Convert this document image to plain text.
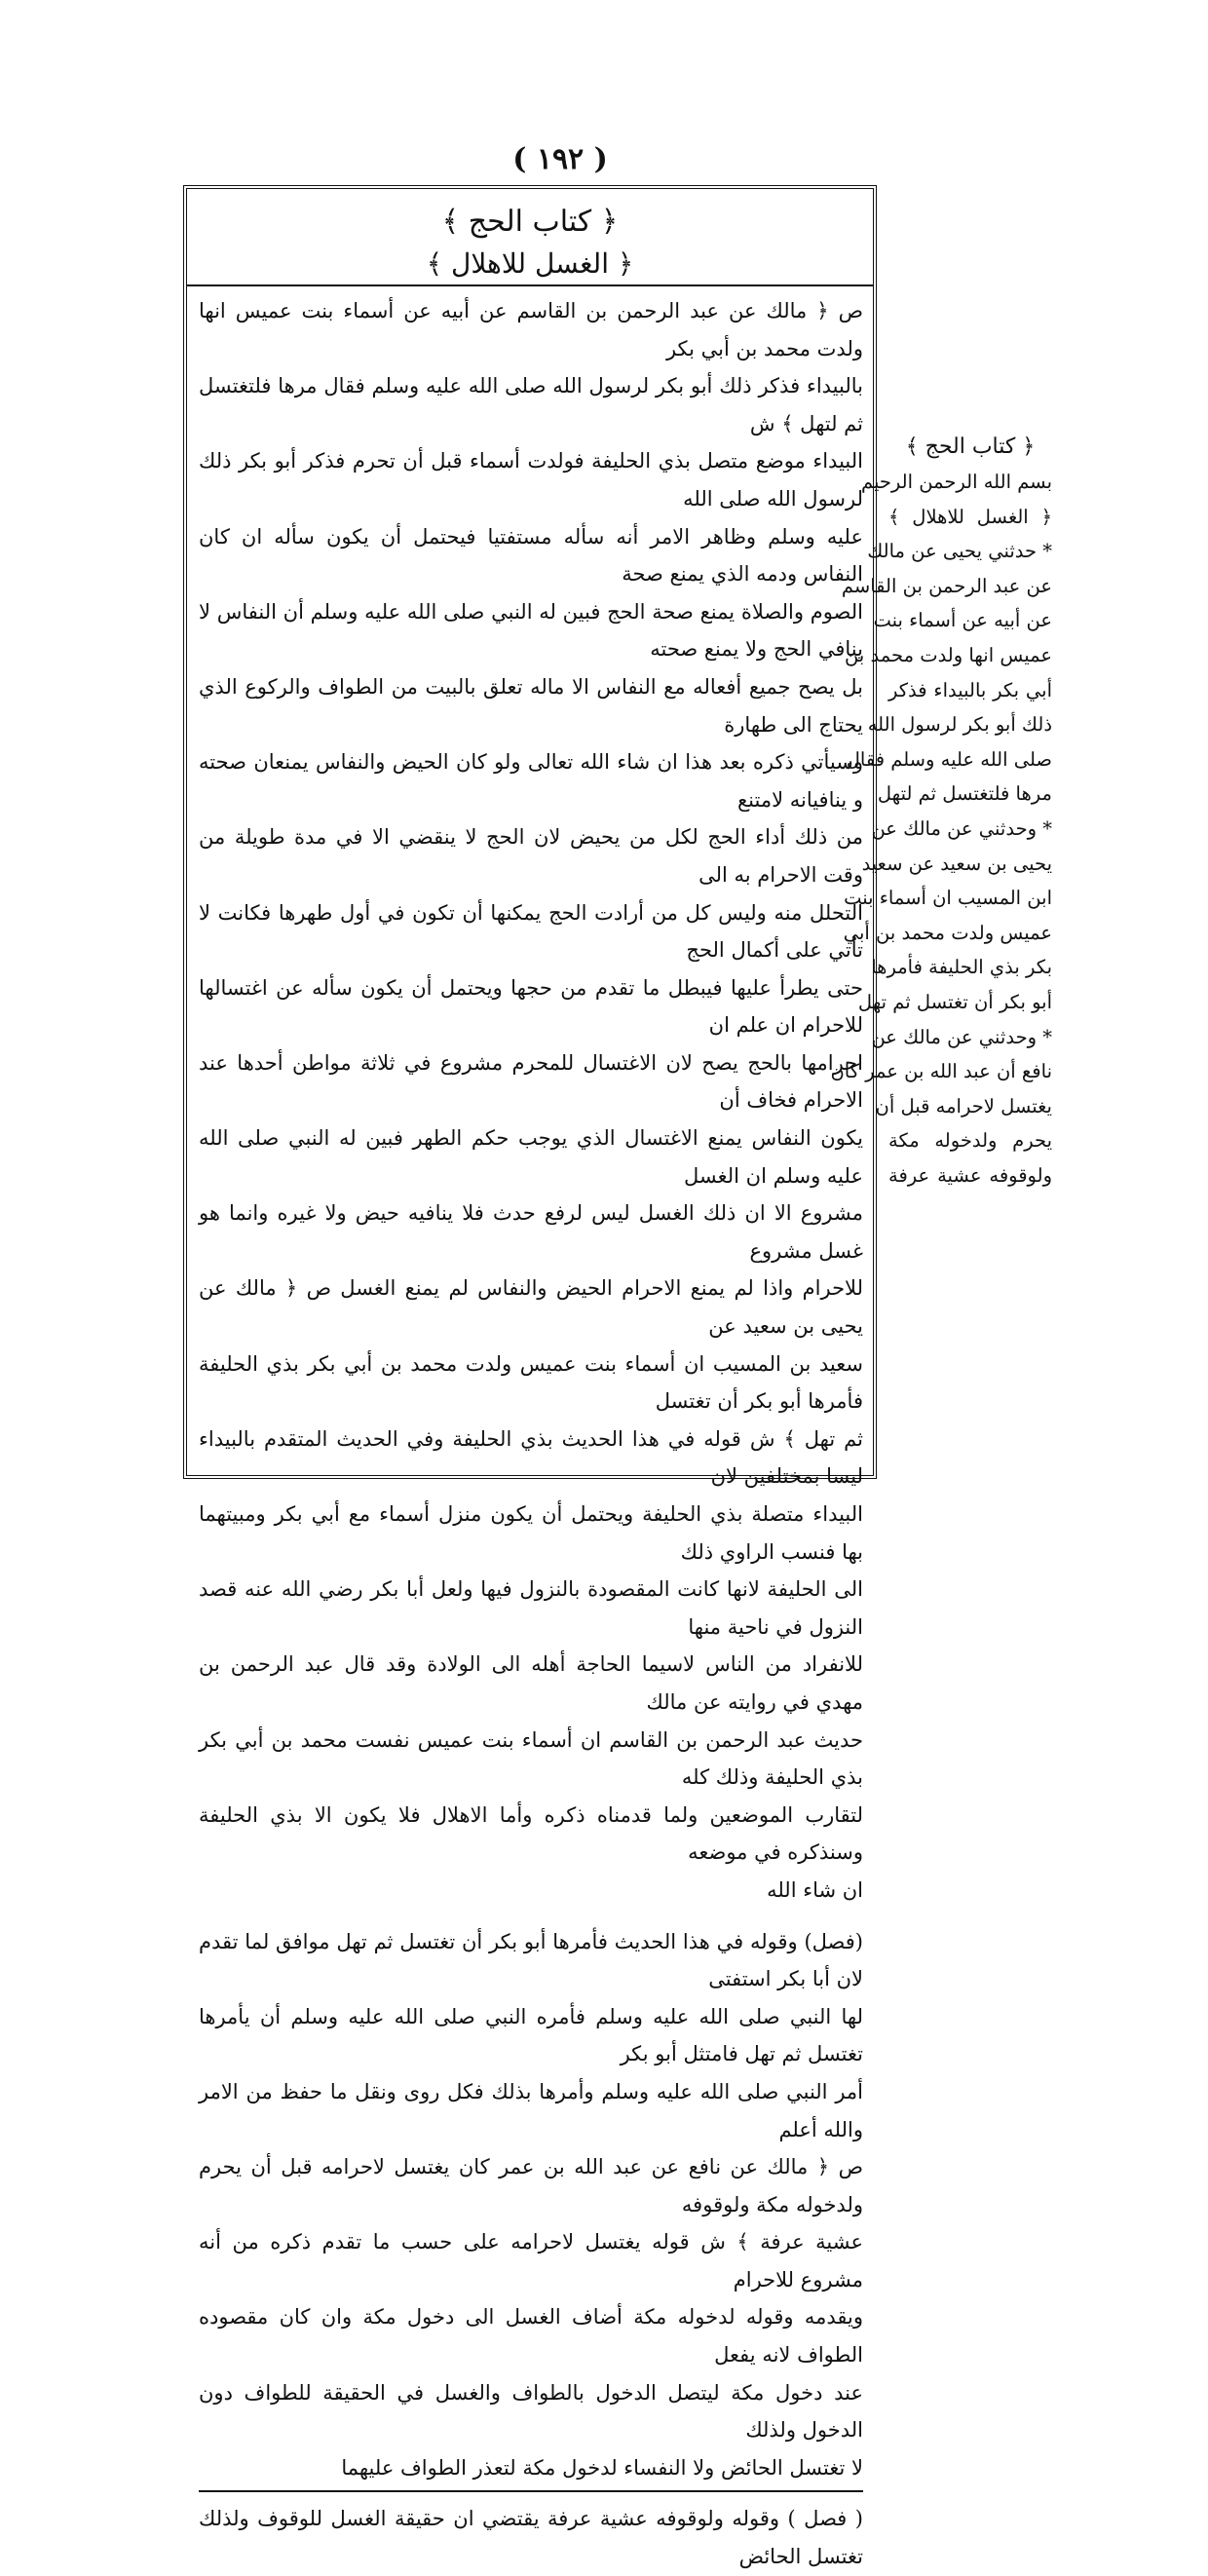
( ١٩٢ )
﴿ كتاب الحج ﴾
﴿ الغسل للاهلال ﴾

ص ﴿ مالك عن عبد الرحمن بن القاسم عن أبيه عن أسماء بنت عميس انها ولدت محمد بن أبي بكر

بالبيداء فذكر ذلك أبو بكر لرسول الله صلى الله عليه وسلم فقال مرها فلتغتسل ثم لتهل ﴾ ش

البيداء موضع متصل بذي الحليفة فولدت أسماء قبل أن تحرم فذكر أبو بكر ذلك لرسول الله صلى الله

عليه وسلم وظاهر الامر أنه سأله مستفتيا فيحتمل أن يكون سأله ان كان النفاس ودمه الذي يمنع صحة

الصوم والصلاة يمنع صحة الحج فبين له النبي صلى الله عليه وسلم أن النفاس لا ينافي الحج ولا يمنع صحته

بل يصح جميع أفعاله مع النفاس الا ماله تعلق بالبيت من الطواف والركوع الذي يحتاج الى طهارة

وسيأتي ذكره بعد هذا ان شاء الله تعالى ولو كان الحيض والنفاس يمنعان صحته و ينافيانه لامتنع

من ذلك أداء الحج لكل من يحيض لان الحج لا ينقضي الا في مدة طويلة من وقت الاحرام به الى

التحلل منه وليس كل من أرادت الحج يمكنها أن تكون في أول طهرها فكانت لا تأتي على أكمال الحج

حتى يطرأ عليها فيبطل ما تقدم من حجها ويحتمل أن يكون سأله عن اغتسالها للاحرام ان علم ان

احرامها بالحج يصح لان الاغتسال للمحرم مشروع في ثلاثة مواطن أحدها عند الاحرام فخاف أن

يكون النفاس يمنع الاغتسال الذي يوجب حكم الطهر فبين له النبي صلى الله عليه وسلم ان الغسل

مشروع الا ان ذلك الغسل ليس لرفع حدث فلا ينافيه حيض ولا غيره وانما هو غسل مشروع

للاحرام واذا لم يمنع الاحرام الحيض والنفاس لم يمنع الغسل ص ﴿ مالك عن يحيى بن سعيد عن

سعيد بن المسيب ان أسماء بنت عميس ولدت محمد بن أبي بكر بذي الحليفة فأمرها أبو بكر أن تغتسل

ثم تهل ﴾ ش قوله في هذا الحديث بذي الحليفة وفي الحديث المتقدم بالبيداء ليسا بمختلفين لان

البيداء متصلة بذي الحليفة ويحتمل أن يكون منزل أسماء مع أبي بكر ومبيتهما بها فنسب الراوي ذلك

الى الحليفة لانها كانت المقصودة بالنزول فيها ولعل أبا بكر رضي الله عنه قصد النزول في ناحية منها

للانفراد من الناس لاسيما الحاجة أهله الى الولادة وقد قال عبد الرحمن بن مهدي في روايته عن مالك

حديث عبد الرحمن بن القاسم ان أسماء بنت عميس نفست محمد بن أبي بكر بذي الحليفة وذلك كله

لتقارب الموضعين ولما قدمناه ذكره وأما الاهلال فلا يكون الا بذي الحليفة وسنذكره في موضعه

ان شاء الله

(فصل) وقوله في هذا الحديث فأمرها أبو بكر أن تغتسل ثم تهل موافق لما تقدم لان أبا بكر استفتى

لها النبي صلى الله عليه وسلم فأمره النبي صلى الله عليه وسلم أن يأمرها تغتسل ثم تهل فامتثل أبو بكر

أمر النبي صلى الله عليه وسلم وأمرها بذلك فكل روى ونقل ما حفظ من الامر والله أعلم

ص ﴿ مالك عن نافع عن عبد الله بن عمر كان يغتسل لاحرامه قبل أن يحرم ولدخوله مكة ولوقوفه

عشية عرفة ﴾ ش قوله يغتسل لاحرامه على حسب ما تقدم ذكره من أنه مشروع للاحرام

ويقدمه وقوله لدخوله مكة أضاف الغسل الى دخول مكة وان كان مقصوده الطواف لانه يفعل

عند دخول مكة ليتصل الدخول بالطواف والغسل في الحقيقة للطواف دون الدخول ولذلك

لا تغتسل الحائض ولا النفساء لدخول مكة لتعذر الطواف عليهما

( فصل ) وقوله ولوقوفه عشية عرفة يقتضي ان حقيقة الغسل للوقوف ولذلك تغتسل الحائض

﴿ كتاب الحج ﴾

بسم الله الرحمن الرحيم

﴿ الغسل للاهلال ﴾

* حدثني يحيى عن مالك

عن عبد الرحمن بن القاسم

عن أبيه عن أسماء بنت

عميس انها ولدت محمد بن

أبي بكر بالبيداء فذكر

ذلك أبو بكر لرسول الله

صلى الله عليه وسلم فقال

مرها فلتغتسل ثم لتهل

* وحدثني عن مالك عن

يحيى بن سعيد عن سعيد

ابن المسيب ان أسماء بنت

عميس ولدت محمد بن أبي

بكر بذي الحليفة فأمرها

أبو بكر أن تغتسل ثم تهل

* وحدثني عن مالك عن

نافع أن عبد الله بن عمر كان

يغتسل لاحرامه قبل أن

يحرم ولدخوله مكة

ولوقوفه عشية عرفة
